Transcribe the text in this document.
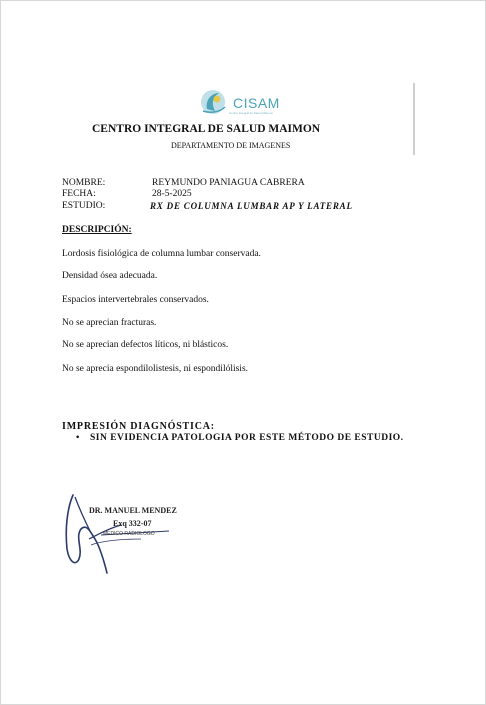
CISAM
Centro Integral de Salud Maimon
CENTRO INTEGRAL DE SALUD MAIMON
DEPARTAMENTO DE IMAGENES
NOMBRE:	REYMUNDO PANIAGUA CABRERA
FECHA:	28-5-2025
ESTUDIO:	RX DE COLUMNA LUMBAR AP Y LATERAL
DESCRIPCIÓN:
Lordosis fisiológica de columna lumbar conservada.
Densidad ósea adecuada.
Espacios intervertebrales conservados.
No se aprecian fracturas.
No se aprecian defectos líticos, ni blásticos.
No se aprecia espondilolistesis, ni espondilólisis.
IMPRESIÓN DIAGNÓSTICA:
• SIN EVIDENCIA PATOLOGIA POR ESTE MÉTODO DE ESTUDIO.
DR. MANUEL MENDEZ
Exq 332-07
MEDICO RADIOLOGO
